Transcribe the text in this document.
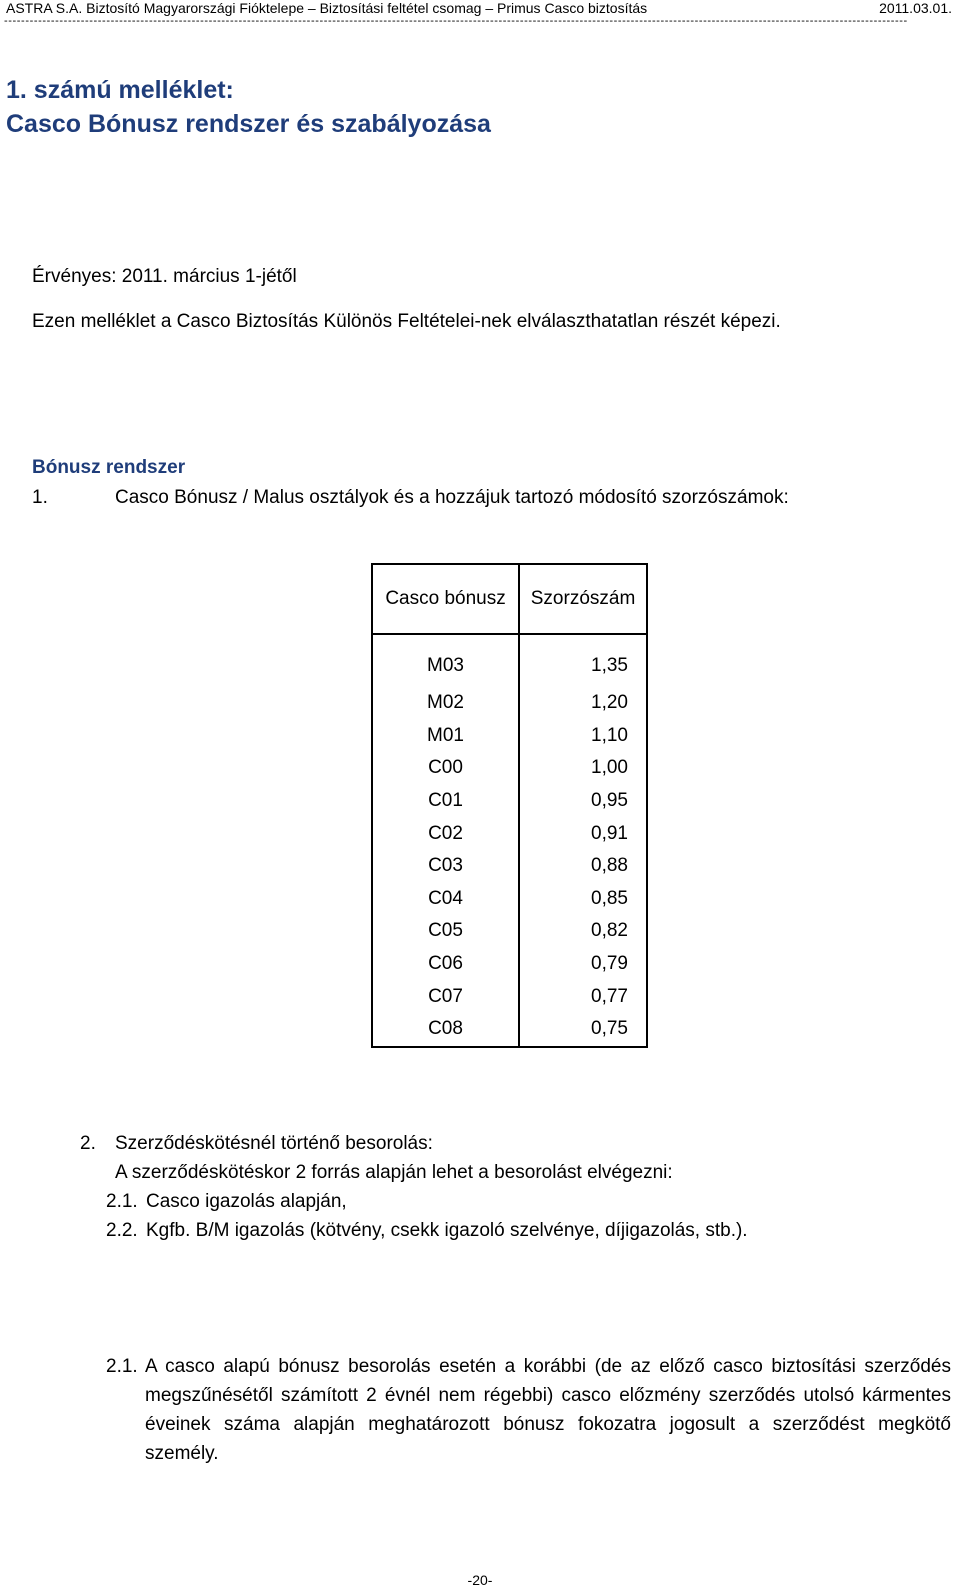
ASTRA S.A. Biztosító Magyarországi Fióktelepe – Biztosítási feltétel csomag – Primus Casco biztosítás	2011.03.01.
--------------------------------------------------------------------------------------------------------------------------------------------------------------------------------------------------------------------
1. számú melléklet:
Casco Bónusz rendszer és szabályozása
Érvényes: 2011. március 1-jétől
Ezen melléklet a Casco Biztosítás Különös Feltételei-nek elválaszthatatlan részét képezi.
Bónusz rendszer
1.	Casco Bónusz / Malus osztályok és a hozzájuk tartozó módosító szorzószámok:
Casco bónusz	Szorzószám
M03	1,35
M02	1,20
M01	1,10
C00	1,00
C01	0,95
C02	0,91
C03	0,88
C04	0,85
C05	0,82
C06	0,79
C07	0,77
C08	0,75
2. Szerződéskötésnél történő besorolás:
A szerződéskötéskor 2 forrás alapján lehet a besorolást elvégezni:
2.1. Casco igazolás alapján,
2.2. Kgfb. B/M igazolás (kötvény, csekk igazoló szelvénye, díjigazolás, stb.).
2.1. A casco alapú bónusz besorolás esetén a korábbi (de az előző casco biztosítási szerződés megszűnésétől számított 2 évnél nem régebbi) casco előzmény szerződés utolsó kármentes éveinek száma alapján meghatározott bónusz fokozatra jogosult a szerződést megkötő személy.

-20-
